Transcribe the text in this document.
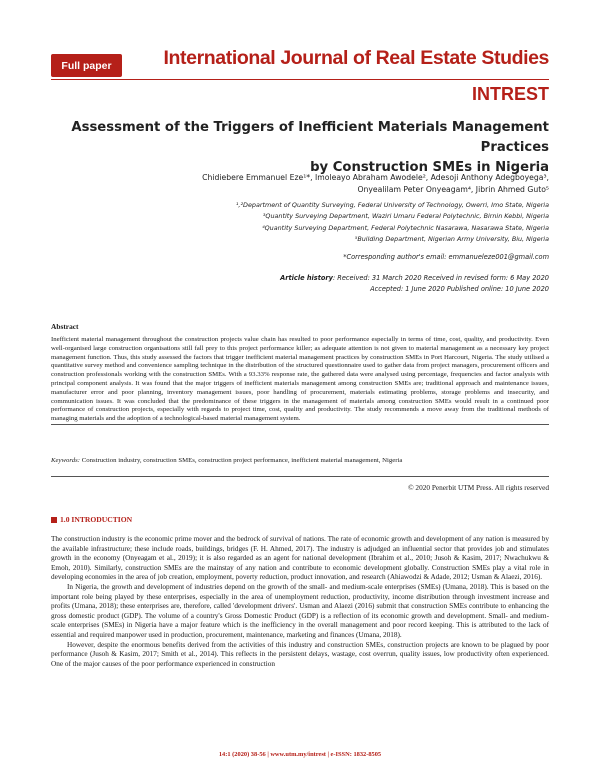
Full paper	International Journal of Real Estate Studies
INTREST
Assessment of the Triggers of Inefficient Materials Management Practices
by Construction SMEs in Nigeria
Chidiebere Emmanuel Eze¹*, Imoleayo Abraham Awodele², Adesoji Anthony Adegboyega³,
Onyealilam Peter Onyeagam⁴, Jibrin Ahmed Guto⁵
¹,²Department of Quantity Surveying, Federal University of Technology, Owerri, Imo State, Nigeria
³Quantity Surveying Department, Waziri Umaru Federal Polytechnic, Birnin Kebbi, Nigeria
⁴Quantity Surveying Department, Federal Polytechnic Nasarawa, Nasarawa State, Nigeria
⁵Building Department, Nigerian Army University, Biu, Nigeria
*Corresponding author's email: emmanueleze001@gmail.com
Article history: Received: 31 March 2020 Received in revised form: 6 May 2020
Accepted: 1 June 2020 Published online: 10 June 2020
Abstract
Inefficient material management throughout the construction projects value chain has resulted to poor performance especially in terms of time, cost, quality, and productivity. Even well-organised large construction organisations still fall prey to this project performance killer; as adequate attention is not given to material management as a necessary key project management function. Thus, this study assessed the factors that trigger inefficient material management practices by construction SMEs in Port Harcourt, Nigeria. The study utilised a quantitative survey method and convenience sampling technique in the distribution of the structured questionnaire used to gather data from project managers, procurement officers and construction professionals working with the construction SMEs. With a 93.33% response rate, the gathered data were analysed using percentage, frequencies and factor analysis with principal component analysis. It was found that the major triggers of inefficient materials management among construction SMEs are; traditional approach and maintenance issues, manufacturer error and poor planning, inventory management issues, poor handling of procurement, materials estimating problems, storage problems and insecurity, and communication issues. It was concluded that the predominance of these triggers in the management of materials among construction SMEs would result in a continued poor performance of construction projects, especially with regards to project time, cost, quality and productivity. The study recommends a move away from the traditional methods of managing materials and the adoption of a technological-based material management system.
© 2020 Penerbit UTM Press. All rights reserved
1.0 INTRODUCTION

The construction industry is the economic prime mover and the bedrock of survival of nations. The rate of economic growth and development of any nation is measured by the available infrastructure; these include roads, buildings, bridges (F. H. Ahmed, 2017). The industry is adjudged an influential sector that provides job and stimulates growth in the economy (Onyeagam et al., 2019); it is also regarded as an agent for national development (Ibrahim et al., 2010; Jusoh & Kasim, 2017; Nwachukwu & Emoh, 2010). Similarly, construction SMEs are the mainstay of any nation and contribute to economic development globally. Construction SMEs play a vital role in developing economies in the area of job creation, employment, poverty reduction, product innovation, and research (Ahiawodzi & Adade, 2012; Usman & Alaezi, 2016).

In Nigeria, the growth and development of industries depend on the growth of the small- and medium-scale enterprises (SMEs) (Umana, 2018). This is based on the important role being played by these enterprises, especially in the area of unemployment reduction, productivity, income distribution through investment increase and profits (Umana, 2018); these enterprises are, therefore, called 'development drivers'. Usman and Alaezi (2016) submit that construction SMEs contribute to enhancing the gross domestic product (GDP). The volume of a country's Gross Domestic Product (GDP) is a reflection of its economic growth and development. Small- and medium- scale enterprises (SMEs) in Nigeria have a major feature which is the inefficiency in the overall management and poor record keeping. This is attributed to the lack of essential and required manpower used in production, procurement, maintenance, marketing and finances (Umana, 2018).

However, despite the enormous benefits derived from the activities of this industry and construction SMEs, construction projects are known to be plagued by poor performance (Jusoh & Kasim, 2017; Smith et al., 2014). This reflects in the persistent delays, wastage, cost overrun, quality issues, low productivity often experienced. One of the major causes of the poor performance experienced in construction

14:1 (2020) 38-56 | www.utm.my/intrest | e-ISSN: 1832-8505
Keywords: Construction industry, construction SMEs, construction project performance, inefficient material management, Nigeria
